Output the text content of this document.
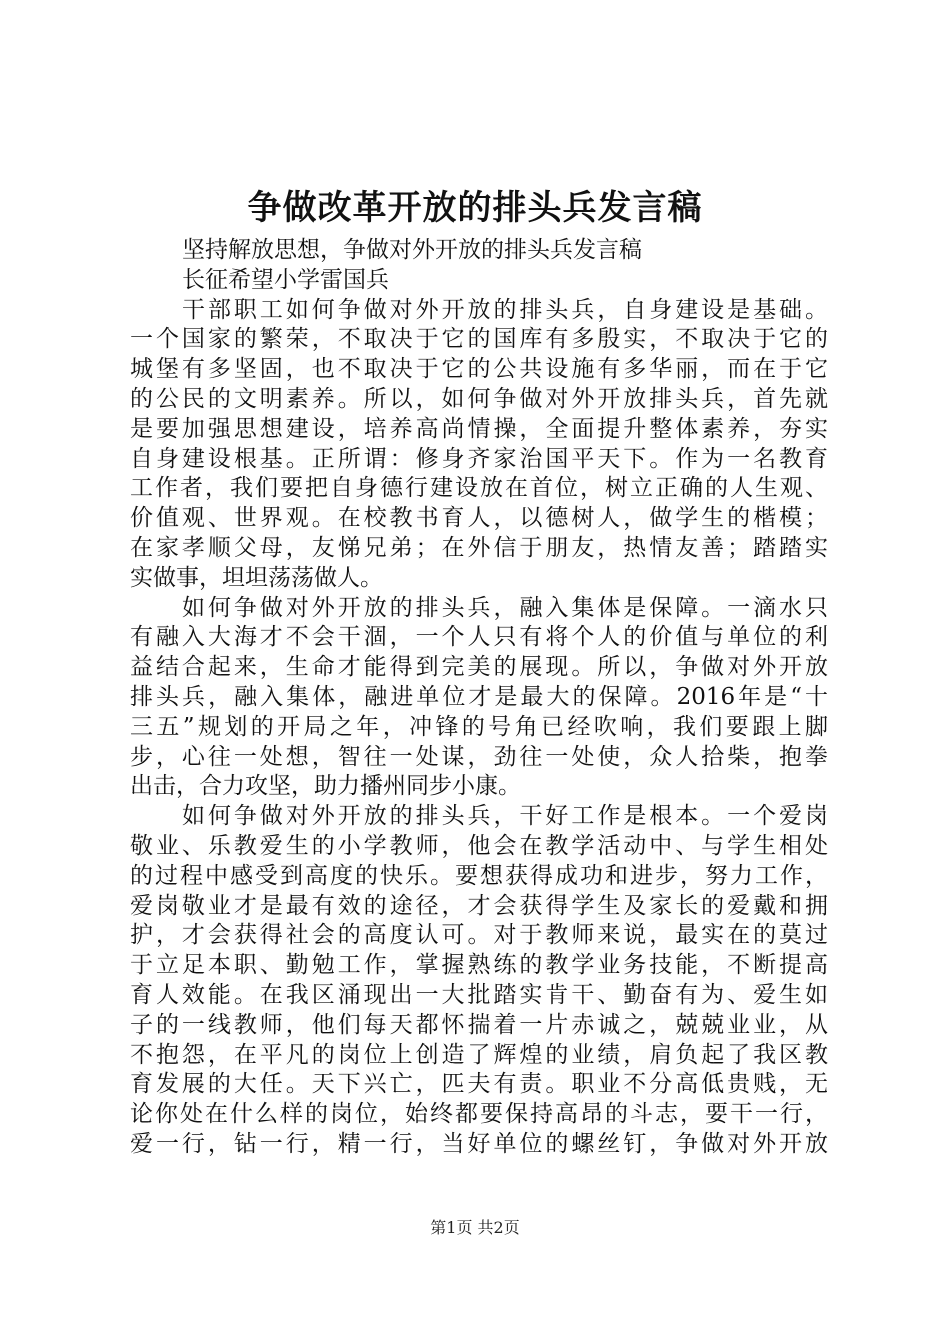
争做改革开放的排头兵发言稿
坚持解放思想，争做对外开放的排头兵发言稿
长征希望小学雷国兵
干部职工如何争做对外开放的排头兵，自身建设是基础。
一个国家的繁荣，不取决于它的国库有多殷实，不取决于它的
城堡有多坚固，也不取决于它的公共设施有多华丽，而在于它
的公民的文明素养。所以，如何争做对外开放排头兵，首先就
是要加强思想建设，培养高尚情操，全面提升整体素养，夯实
自身建设根基。正所谓：修身齐家治国平天下。作为一名教育
工作者，我们要把自身德行建设放在首位，树立正确的人生观、
价值观、世界观。在校教书育人，以德树人，做学生的楷模；
在家孝顺父母，友悌兄弟；在外信于朋友，热情友善；踏踏实
实做事，坦坦荡荡做人。
如何争做对外开放的排头兵，融入集体是保障。一滴水只
有融入大海才不会干涸，一个人只有将个人的价值与单位的利
益结合起来，生命才能得到完美的展现。所以，争做对外开放
排头兵，融入集体，融进单位才是最大的保障。2016年是“十
三五”规划的开局之年，冲锋的号角已经吹响，我们要跟上脚
步，心往一处想，智往一处谋，劲往一处使，众人拾柴，抱拳
出击，合力攻坚，助力播州同步小康。
如何争做对外开放的排头兵，干好工作是根本。一个爱岗
敬业、乐教爱生的小学教师，他会在教学活动中、与学生相处
的过程中感受到高度的快乐。要想获得成功和进步，努力工作，
爱岗敬业才是最有效的途径，才会获得学生及家长的爱戴和拥
护，才会获得社会的高度认可。对于教师来说，最实在的莫过
于立足本职、勤勉工作，掌握熟练的教学业务技能，不断提高
育人效能。在我区涌现出一大批踏实肯干、勤奋有为、爱生如
子的一线教师，他们每天都怀揣着一片赤诚之，兢兢业业，从
不抱怨，在平凡的岗位上创造了辉煌的业绩，肩负起了我区教
育发展的大任。天下兴亡，匹夫有责。职业不分高低贵贱，无
论你处在什么样的岗位，始终都要保持高昂的斗志，要干一行，
爱一行，钻一行，精一行，当好单位的螺丝钉，争做对外开放
第1页 共2页
